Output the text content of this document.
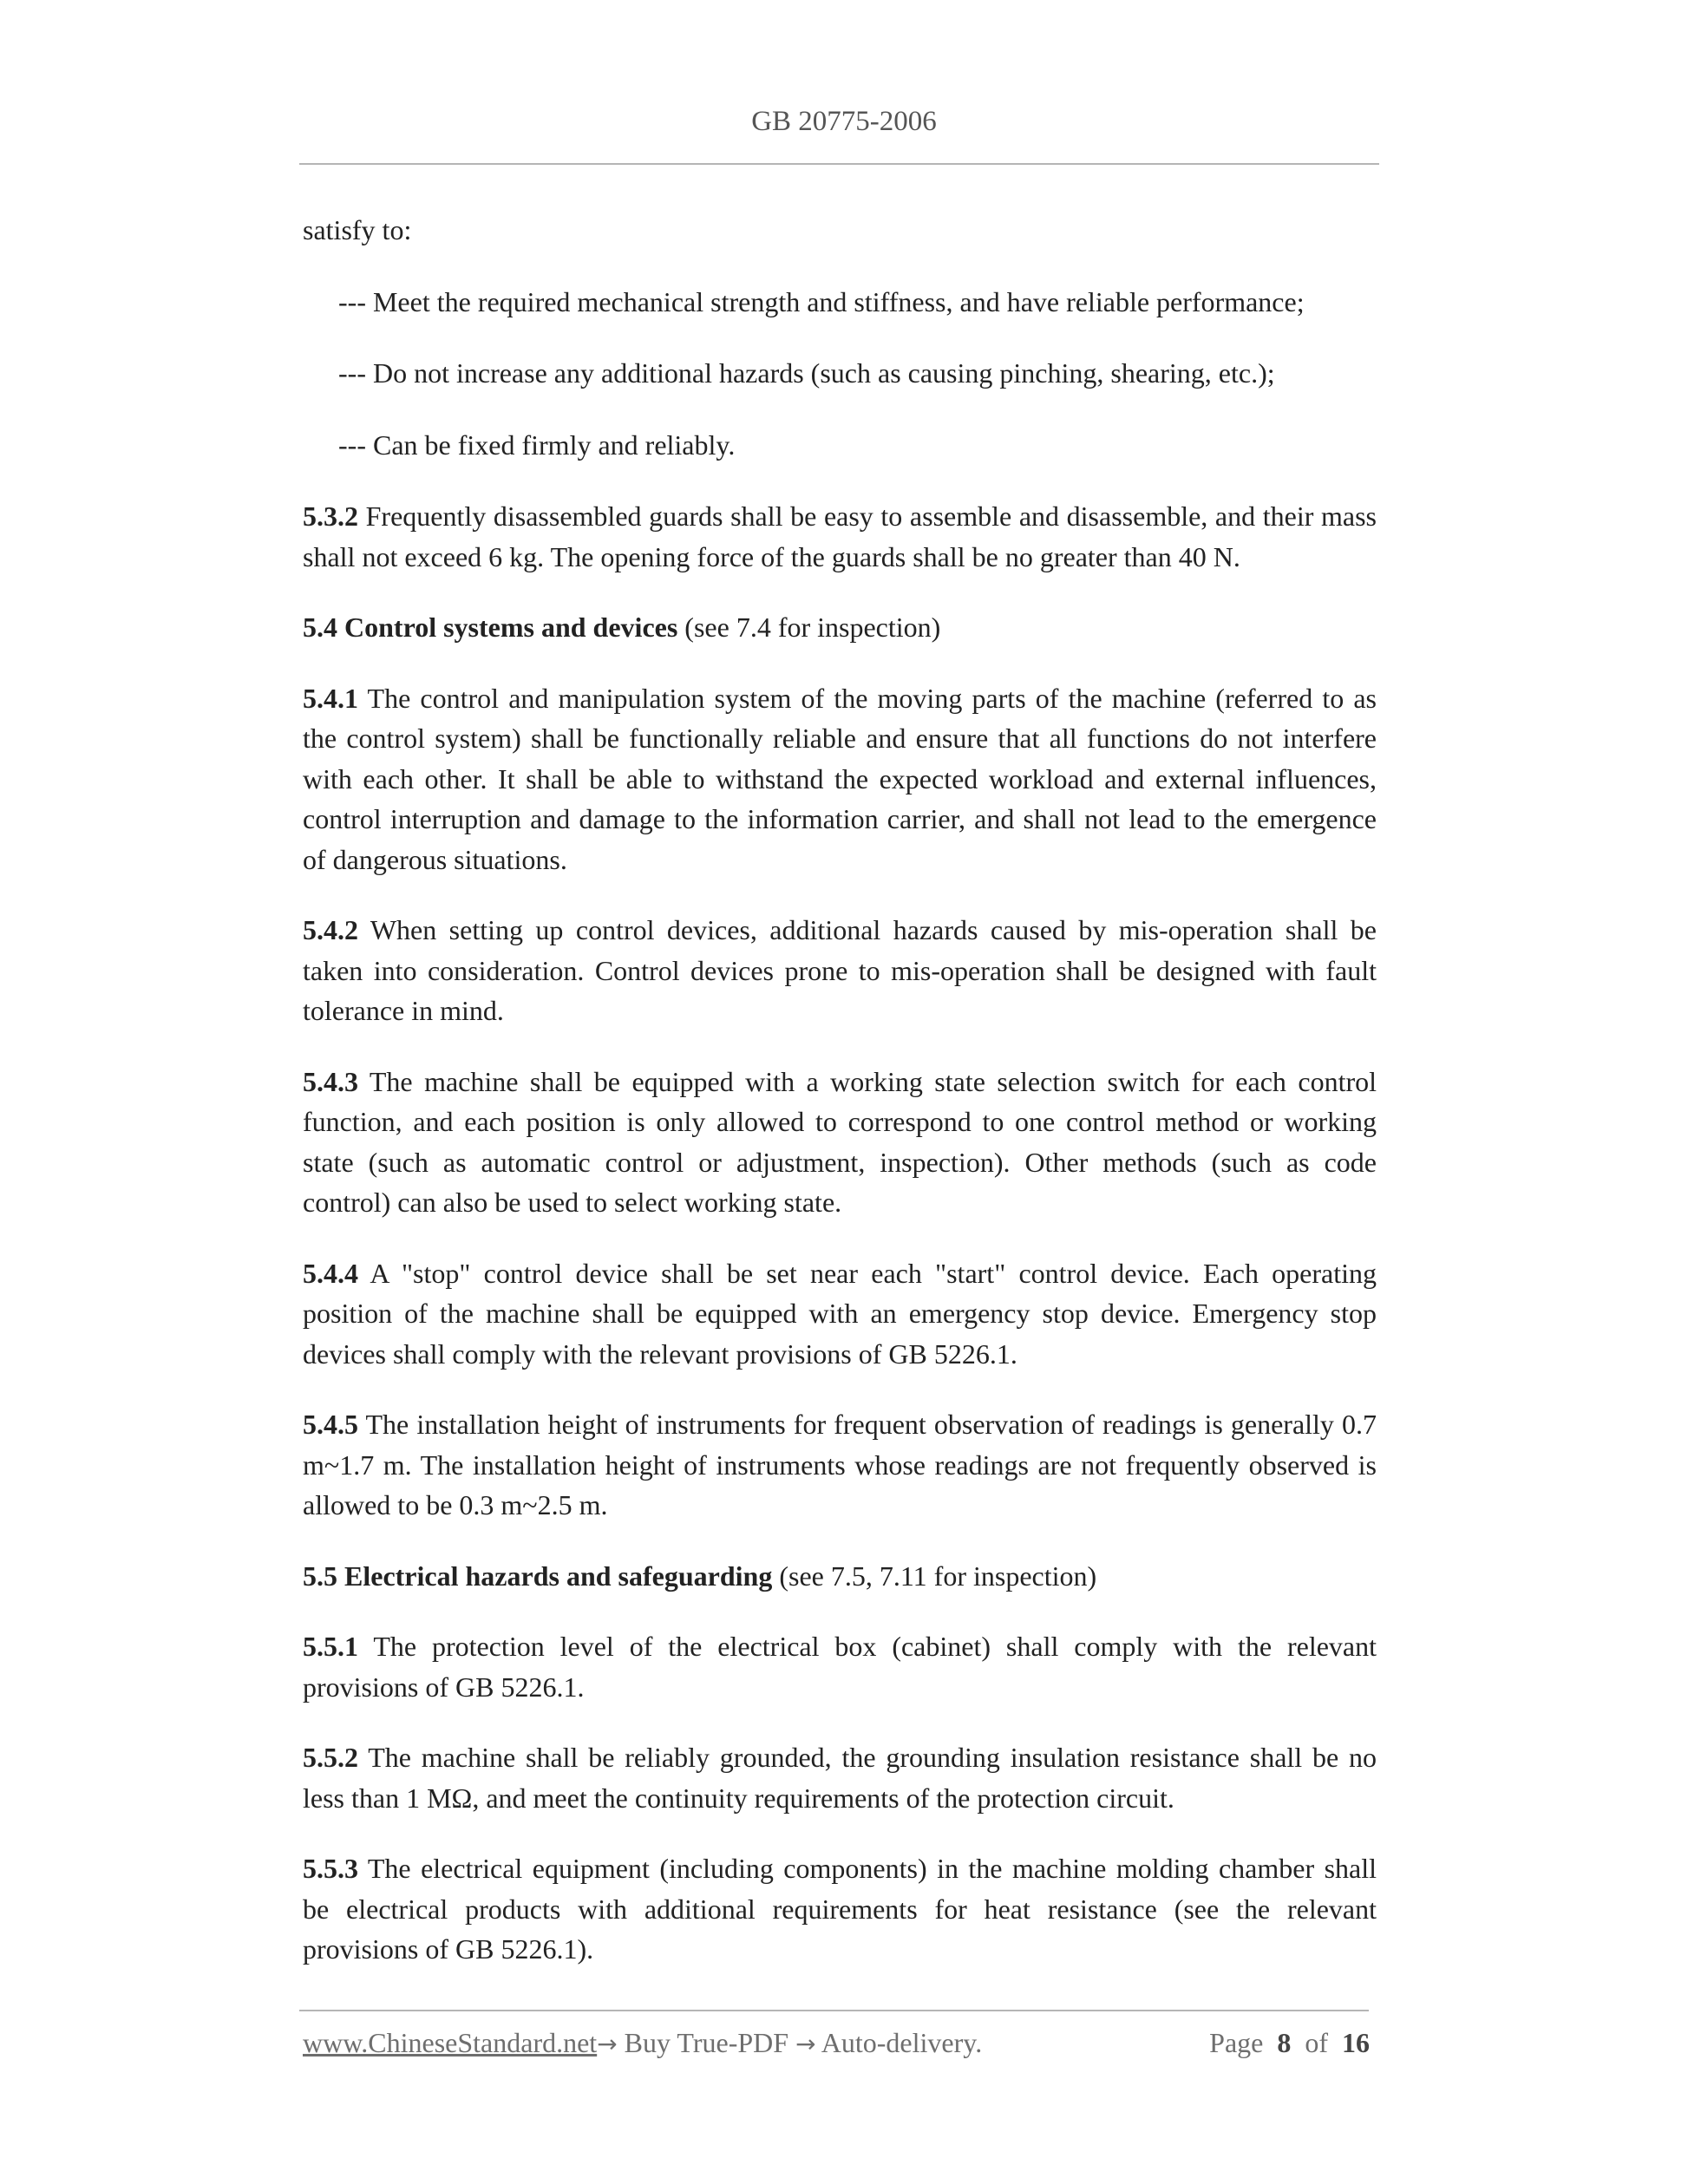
GB 20775-2006

satisfy to:

--- Meet the required mechanical strength and stiffness, and have reliable performance;

--- Do not increase any additional hazards (such as causing pinching, shearing, etc.);

--- Can be fixed firmly and reliably.

5.3.2 Frequently disassembled guards shall be easy to assemble and disassemble, and their mass shall not exceed 6 kg. The opening force of the guards shall be no greater than 40 N.

5.4 Control systems and devices (see 7.4 for inspection)

5.4.1 The control and manipulation system of the moving parts of the machine (referred to as the control system) shall be functionally reliable and ensure that all functions do not interfere with each other. It shall be able to withstand the expected workload and external influences, control interruption and damage to the information carrier, and shall not lead to the emergence of dangerous situations.

5.4.2 When setting up control devices, additional hazards caused by mis-operation shall be taken into consideration. Control devices prone to mis-operation shall be designed with fault tolerance in mind.

5.4.3 The machine shall be equipped with a working state selection switch for each control function, and each position is only allowed to correspond to one control method or working state (such as automatic control or adjustment, inspection). Other methods (such as code control) can also be used to select working state.

5.4.4 A "stop" control device shall be set near each "start" control device. Each operating position of the machine shall be equipped with an emergency stop device. Emergency stop devices shall comply with the relevant provisions of GB 5226.1.

5.4.5 The installation height of instruments for frequent observation of readings is generally 0.7 m~1.7 m. The installation height of instruments whose readings are not frequently observed is allowed to be 0.3 m~2.5 m.

5.5 Electrical hazards and safeguarding (see 7.5, 7.11 for inspection)

5.5.1 The protection level of the electrical box (cabinet) shall comply with the relevant provisions of GB 5226.1.

5.5.2 The machine shall be reliably grounded, the grounding insulation resistance shall be no less than 1 MΩ, and meet the continuity requirements of the protection circuit.

5.5.3 The electrical equipment (including components) in the machine molding chamber shall be electrical products with additional requirements for heat resistance (see the relevant provisions of GB 5226.1).

www.ChineseStandard.net→ Buy True-PDF → Auto-delivery.	Page 8 of 16
